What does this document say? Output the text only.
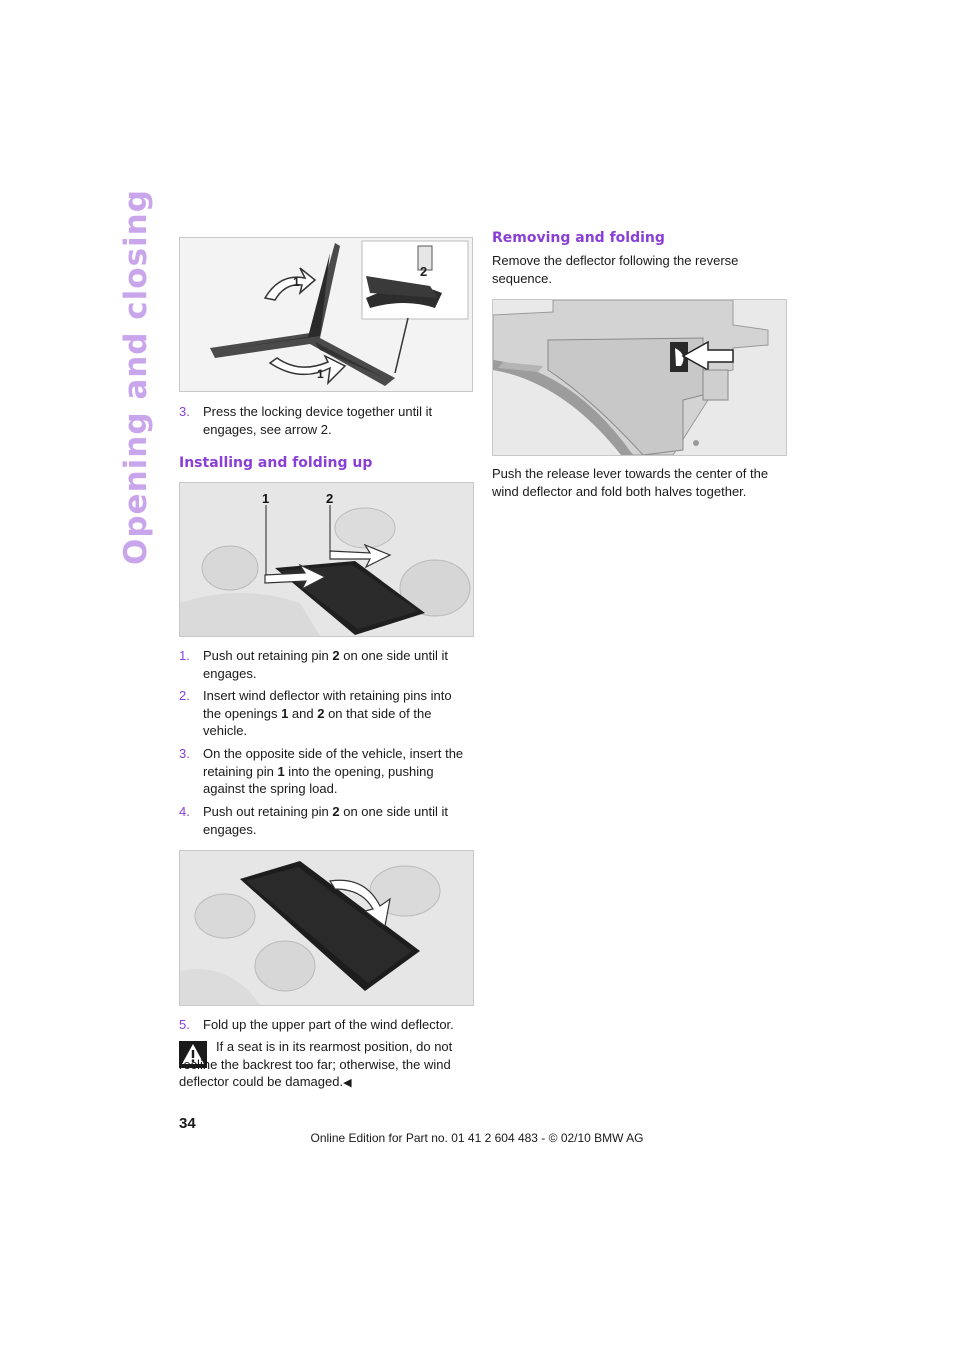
Opening and closing	2
1
1
3. Press the locking device together until it engages, see arrow 2.
Installing and folding up
1	2
1. Push out retaining pin 2 on one side until it engages.
2. Insert wind deflector with retaining pins into the openings 1 and 2 on that side of the vehicle.
3. On the opposite side of the vehicle, insert the retaining pin 1 into the opening, pushing against the spring load.
4. Push out retaining pin 2 on one side until it engages.
5. Fold up the upper part of the wind deflector.
If a seat is in its rearmost position, do not recline the backrest too far; otherwise, the wind deflector could be damaged.◀
Removing and folding
Remove the deflector following the reverse sequence.
Push the release lever towards the center of the wind deflector and fold both halves together.
34
Online Edition for Part no. 01 41 2 604 483 - © 02/10 BMW AG
